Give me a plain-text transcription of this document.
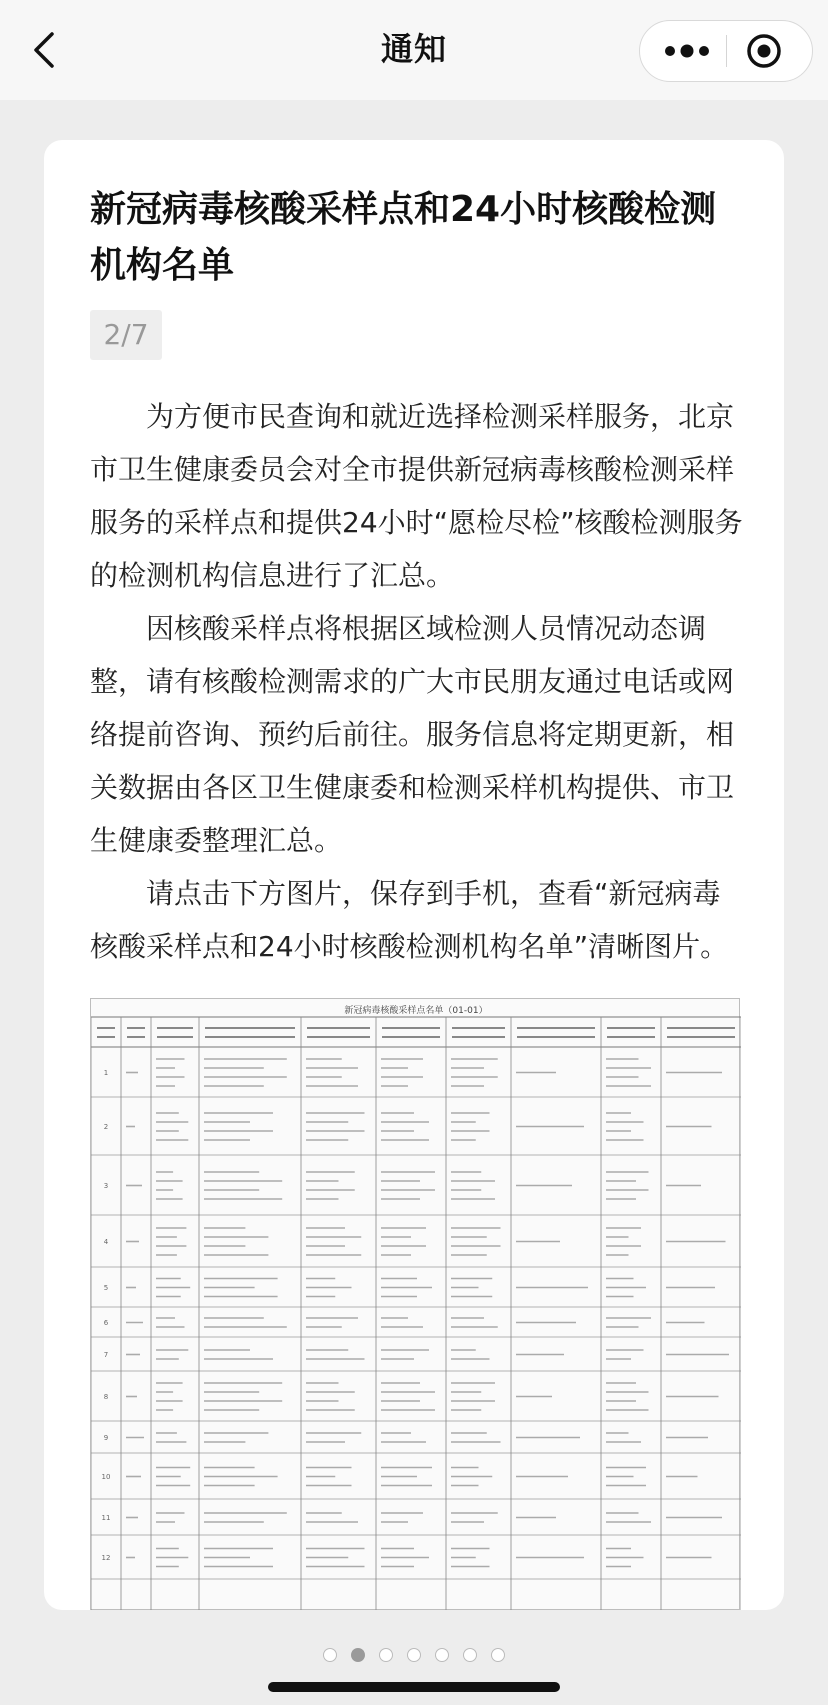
通知
新冠病毒核酸采样点和24小时核酸检测机构名单
2/7

为方便市民查询和就近选择检测采样服务，北京市卫生健康委员会对全市提供新冠病毒核酸检测采样服务的采样点和提供24小时“愿检尽检”核酸检测服务的检测机构信息进行了汇总。

因核酸采样点将根据区域检测人员情况动态调整，请有核酸检测需求的广大市民朋友通过电话或网络提前咨询、预约后前往。服务信息将定期更新，相关数据由各区卫生健康委和检测采样机构提供、市卫生健康委整理汇总。

请点击下方图片，保存到手机，查看“新冠病毒核酸采样点和24小时核酸检测机构名单”清晰图片。

新冠病毒核酸采样点名单（01-01）
1
2
3
4
5
6
7
8
9
10
11
12
